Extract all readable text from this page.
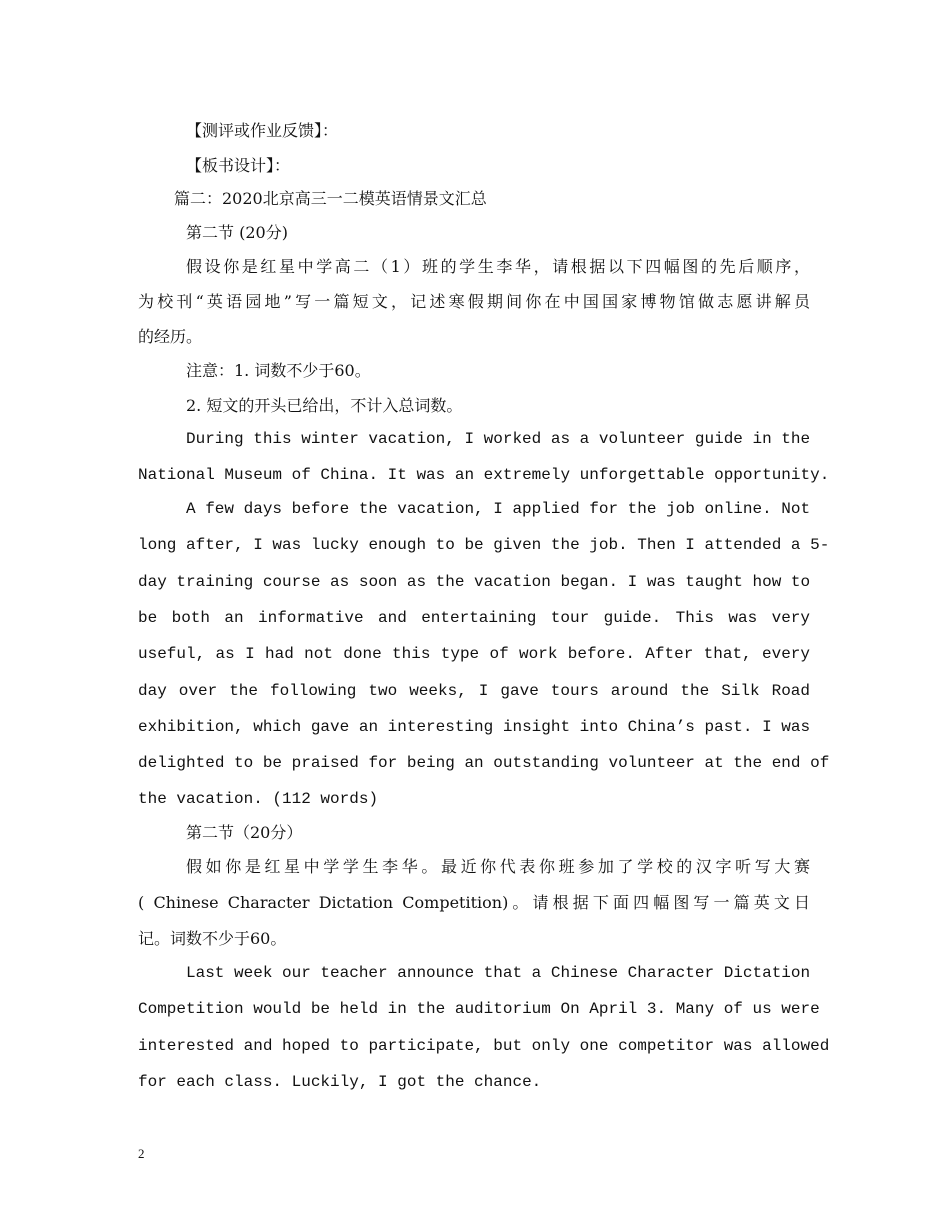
【测评或作业反馈】：
【板书设计】：
篇二：2020北京高三一二模英语情景文汇总
第二节 (20分)
假设你是红星中学高二（1）班的学生李华，请根据以下四幅图的先后顺序，
为校刊“英语园地”写一篇短文，记述寒假期间你在中国国家博物馆做志愿讲解员
的经历。
注意：1. 词数不少于60。
2. 短文的开头已给出，不计入总词数。
During this winter vacation, I worked as a volunteer guide in the
National Museum of China. It was an extremely unforgettable opportunity.
A few days before the vacation, I applied for the job online. Not
long after, I was lucky enough to be given the job. Then I attended a 5-
day training course as soon as the vacation began. I was taught how to
be both an informative and entertaining tour guide. This was very
useful, as I had not done this type of work before. After that, every
day over the following two weeks, I gave tours around the Silk Road
exhibition, which gave an interesting insight into China’s past. I was
delighted to be praised for being an outstanding volunteer at the end of
the vacation. (112 words)
第二节（20分）
假如你是红星中学学生李华。最近你代表你班参加了学校的汉字听写大赛
( Chinese Character Dictation Competition)。请根据下面四幅图写一篇英文日
记。词数不少于60。
Last week our teacher announce that a Chinese Character Dictation
Competition would be held in the auditorium On April 3. Many of us were
interested and hoped to participate, but only one competitor was allowed
for each class. Luckily, I got the chance.
2
